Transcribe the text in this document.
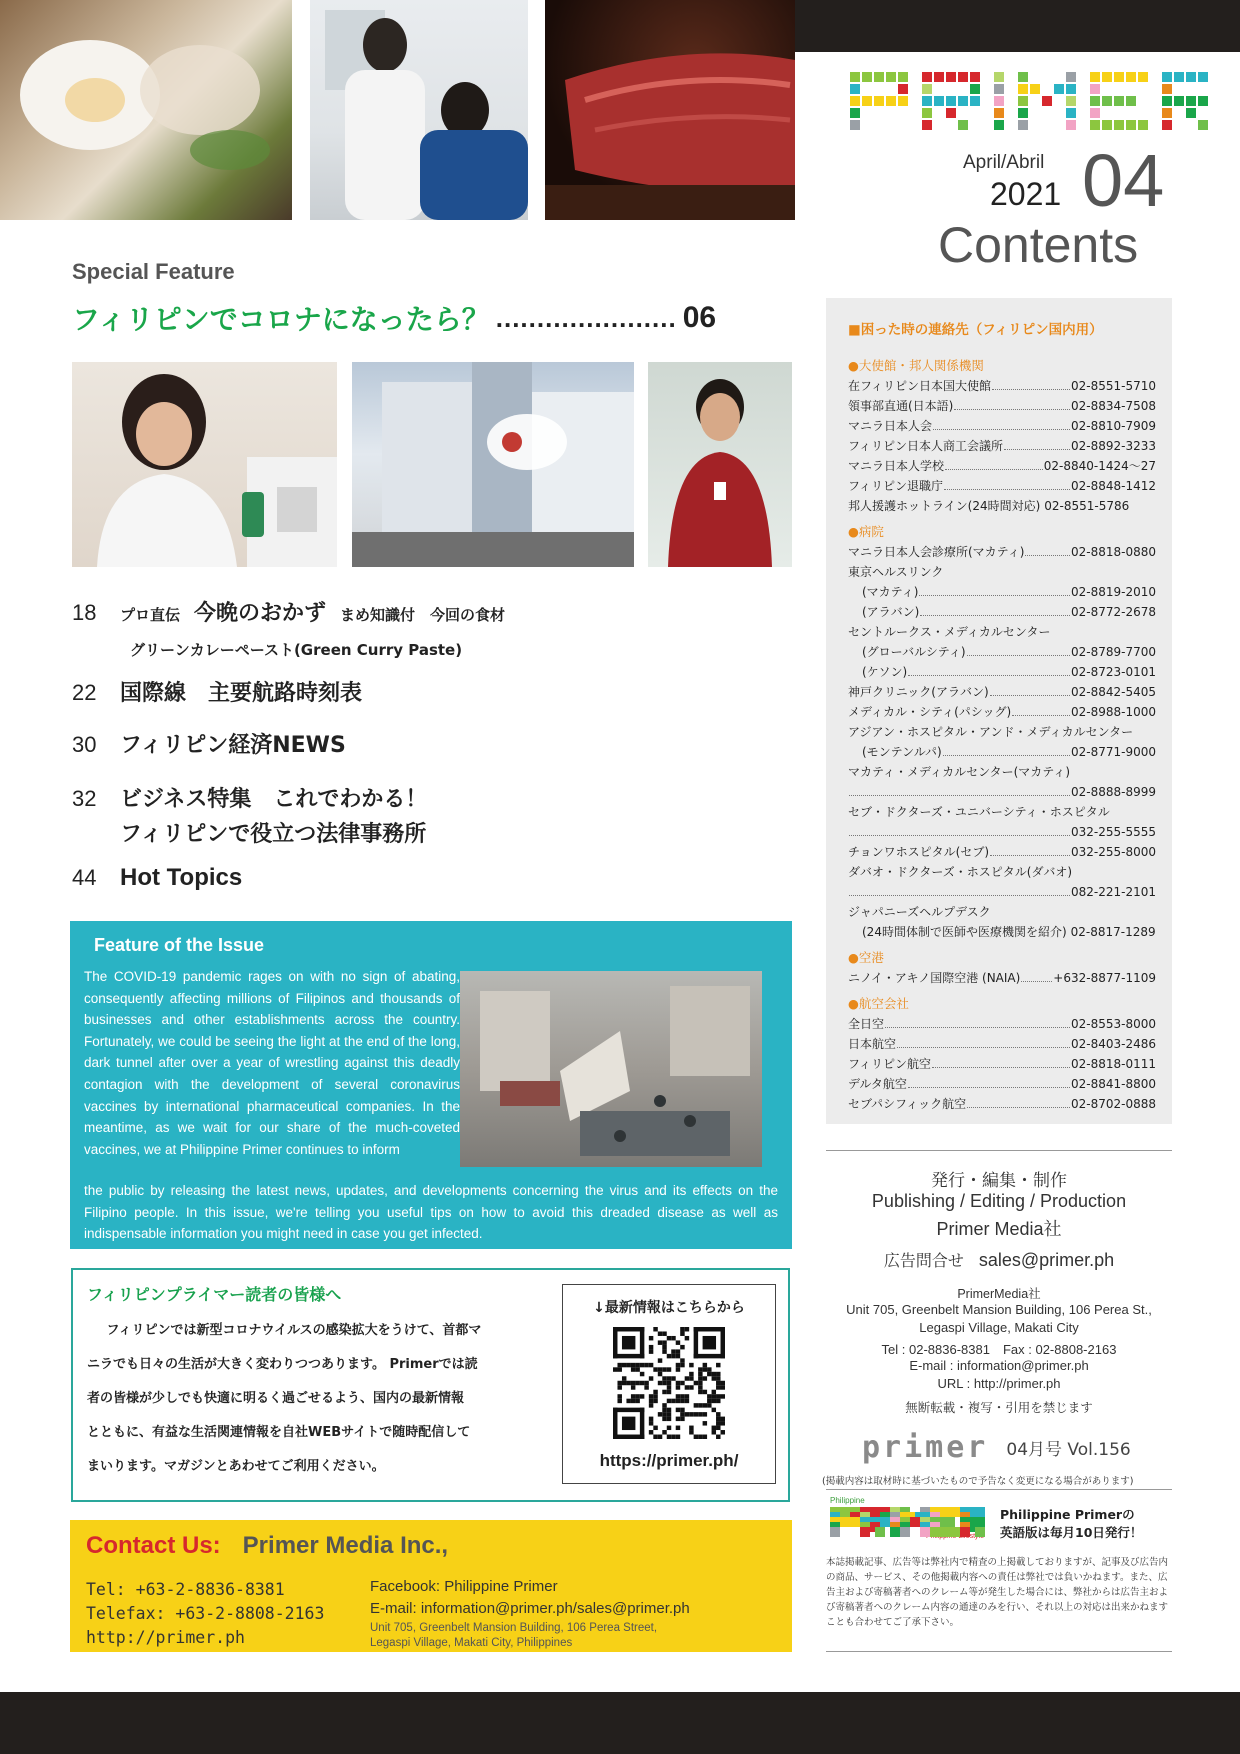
April/Abril
2021 04
Contents
Special Feature
フィリピンでコロナになったら？ ...................... 06
18	プロ直伝 今晩のおかず まめ知識付　今回の食材
グリーンカレーペースト(Green Curry Paste)
22	国際線　主要航路時刻表
30	フィリピン経済NEWS
32	ビジネス特集　これでわかる！
フィリピンで役立つ法律事務所
44 Hot Topics
Feature of the Issue
The COVID-19 pandemic rages on with no sign of abating, consequently affecting millions of Filipinos and thousands of businesses and other establishments across the country. Fortunately, we could be seeing the light at the end of the long, dark tunnel after over a year of wrestling against this deadly contagion with the development of several coronavirus vaccines by international pharmaceutical companies. In the meantime, as we wait for our share of the much-coveted vaccines, we at Philippine Primer continues to inform
the public by releasing the latest news, updates, and developments concerning the virus and its effects on the Filipino people. In this issue, we're telling you useful tips on how to avoid this dreaded disease as well as indispensable information you might need in case you get infected.
フィリピンプライマー読者の皆様へ
フィリピンでは新型コロナウイルスの感染拡大をうけて、首都マ
ニラでも日々の生活が大きく変わりつつあります。 Primerでは読
者の皆様が少しでも快適に明るく過ごせるよう、国内の最新情報
とともに、有益な生活関連情報を自社WEBサイトで随時配信して
まいります。マガジンとあわせてご利用ください。
↓最新情報はこちらから
https://primer.ph/
Contact Us: Primer Media Inc.,
Tel: +63-2-8836-8381
Telefax: +63-2-8808-2163
http://primer.ph
Facebook: Philippine Primer
E-mail: information@primer.ph/sales@primer.ph
Unit 705, Greenbelt Mansion Building, 106 Perea Street,
Legaspi Village, Makati City, Philippines
■困った時の連絡先（フィリピン国内用）
●大使館・邦人関係機関
在フィリピン日本国大使館	02-8551-5710
領事部直通(日本語)	02-8834-7508
マニラ日本人会	02-8810-7909
フィリピン日本人商工会議所	02-8892-3233
マニラ日本人学校	02-8840-1424〜27
フィリピン退職庁	02-8848-1412
邦人援護ホットライン(24時間対応) 02-8551-5786
●病院
マニラ日本人会診療所(マカティ)	02-8818-0880
東京ヘルスリンク
(マカティ)	02-8819-2010
(アラバン)	02-8772-2678
セントルークス・メディカルセンター
(グローバルシティ)	02-8789-7700
(ケソン)	02-8723-0101
神戸クリニック(アラバン)	02-8842-5405
メディカル・シティ(パシッグ)	02-8988-1000
アジアン・ホスピタル・アンド・メディカルセンター
(モンテンルパ)	02-8771-9000
マカティ・メディカルセンター(マカティ)
02-8888-8999
セブ・ドクターズ・ユニバーシティ・ホスピタル
032-255-5555
チョンワホスピタル(セブ)	032-255-8000
ダバオ・ドクターズ・ホスピタル(ダバオ)
082-221-2101
ジャパニーズヘルプデスク
(24時間体制で医師や医療機関を紹介) 02-8817-1289
●空港
ニノイ・アキノ国際空港 (NAIA)	+632-8877-1109
●航空会社
全日空	02-8553-8000
日本航空	02-8403-2486
フィリピン航空	02-8818-0111
デルタ航空	02-8841-8800
セブパシフィック航空	02-8702-0888
発行・編集・制作
Publishing / Editing / Production
Primer Media社
広告問合せ sales@primer.ph
PrimerMedia社
Unit 705, Greenbelt Mansion Building, 106 Perea St.,
Legaspi Village, Makati City
Tel : 02-8836-8381　Fax : 02-8808-2163
E-mail : information@primer.ph
URL : http://primer.ph
無断転載・複写・引用を禁じます
primer 04月号 Vol.156
(掲載内容は取材時に基づいたもので予告なく変更になる場合があります)
Philippine
Lifestyle
Philippine Primerの
英語版は毎月10日発行！
本誌掲載記事、広告等は弊社内で精査の上掲載しておりますが、記事及び広告内の商品、サービス、その他掲載内容への責任は弊社では負いかねます。また、広告主および寄稿著者へのクレーム等が発生した場合には、弊社からは広告主および寄稿著者へのクレーム内容の通達のみを行い、それ以上の対応は出来かねますことも合わせてご了承下さい。
